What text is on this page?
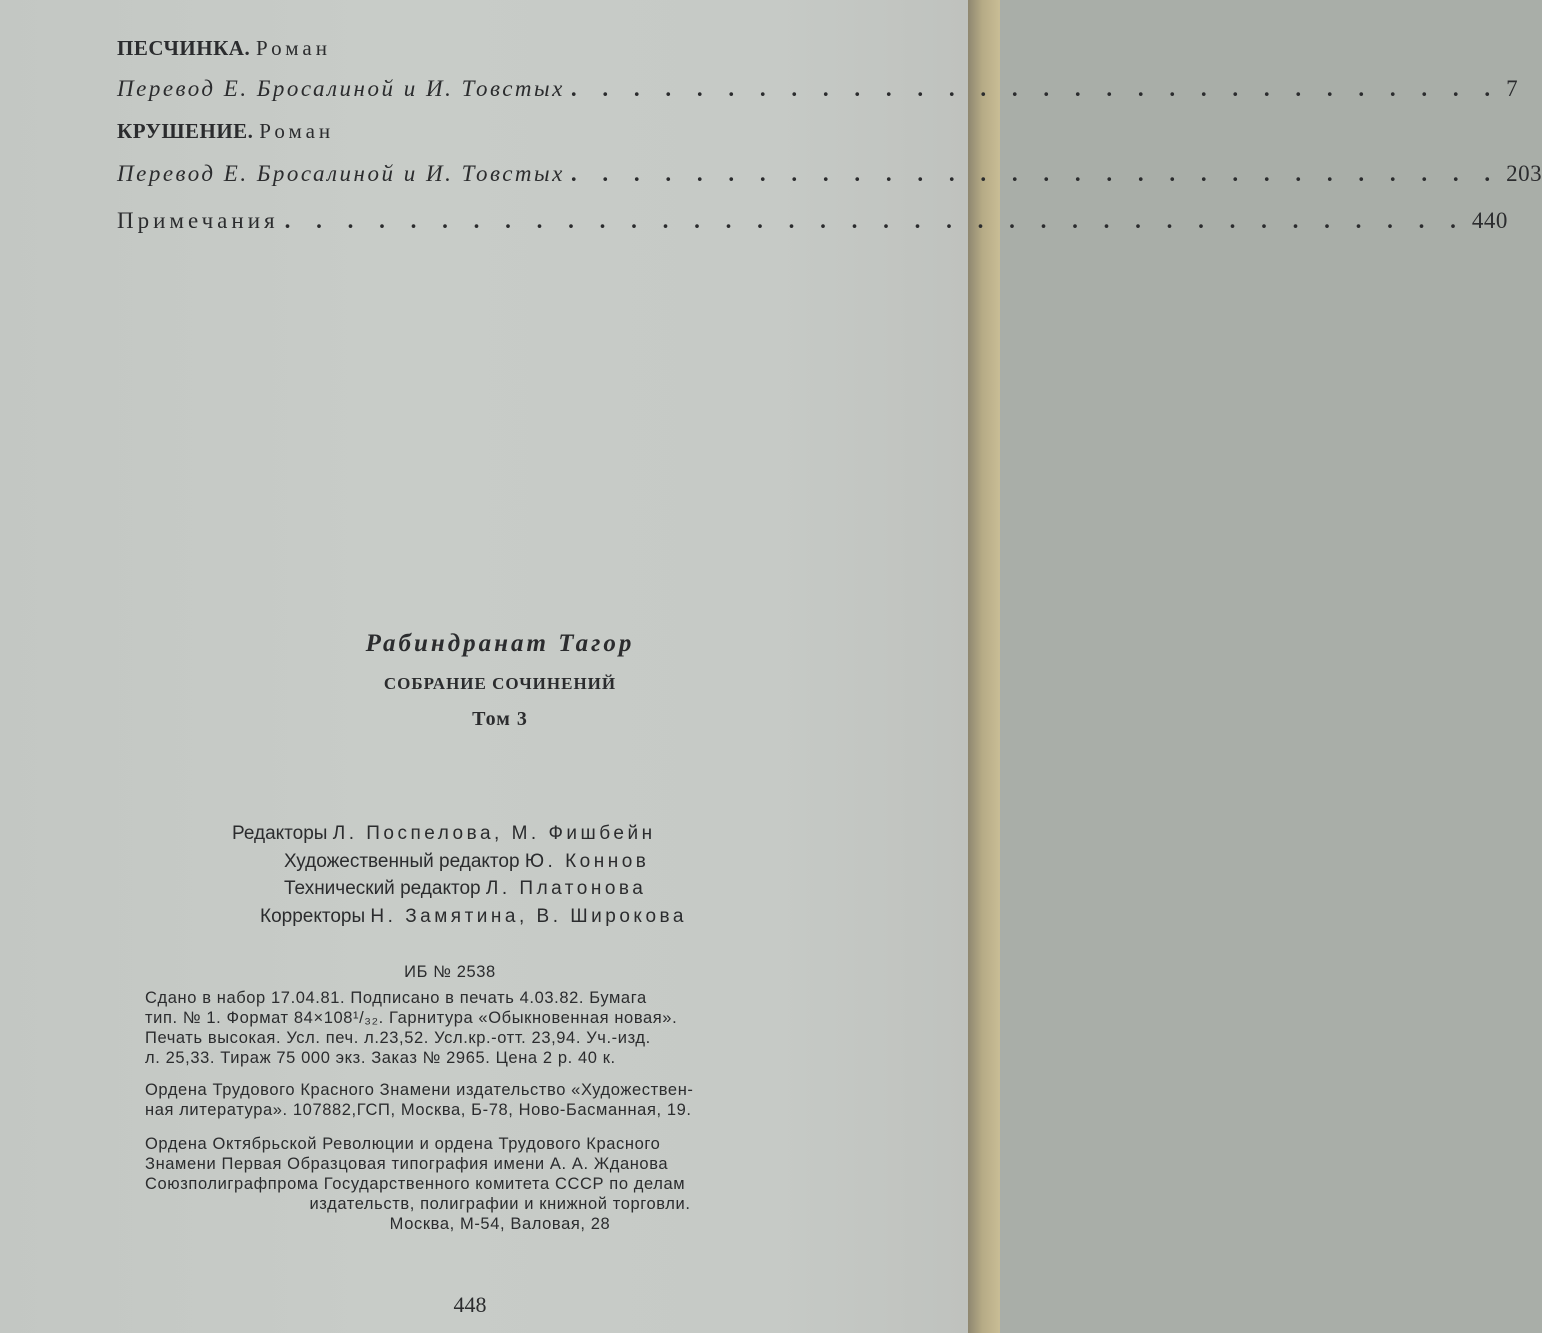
ПЕСЧИНКА. Роман
Перевод Е. Бросалиной и И. Товстых . . . . . . . . . . . . . . . . . . . . . . . . . . . . . . 7
КРУШЕНИЕ. Роман
Перевод Е. Бросалиной и И. Товстых . . . . . . . . . . . . . . . . . . . . . . . . . . . . . . 203
Примечания . . . . . . . . . . . . . . . . . . . . . . . . . . . . . . . . . . . . . . 440
Рабиндранат Тагор
СОБРАНИЕ СОЧИНЕНИЙ
Том 3
Редакторы Л. Поспелова, М. Фишбейн
Художественный редактор Ю. Коннов
Технический редактор Л. Платонова
Корректоры Н. Замятина, В. Широкова
ИБ № 2538
Сдано в набор 17.04.81. Подписано в печать 4.03.82. Бумага
тип. № 1. Формат 84×108¹/₃₂. Гарнитура «Обыкновенная новая».
Печать высокая. Усл. печ. л.23,52. Усл.кр.-отт. 23,94. Уч.-изд.
л. 25,33. Тираж 75 000 экз. Заказ № 2965. Цена 2 р. 40 к.
Ордена Трудового Красного Знамени издательство «Художествен-
ная литература». 107882,ГСП, Москва, Б-78, Ново-Басманная, 19.
Ордена Октябрьской Революции и ордена Трудового Красного
Знамени Первая Образцовая типография имени А. А. Жданова
Союзполиграфпрома Государственного комитета СССР по делам
издательств, полиграфии и книжной торговли.
Москва, М-54, Валовая, 28
448
